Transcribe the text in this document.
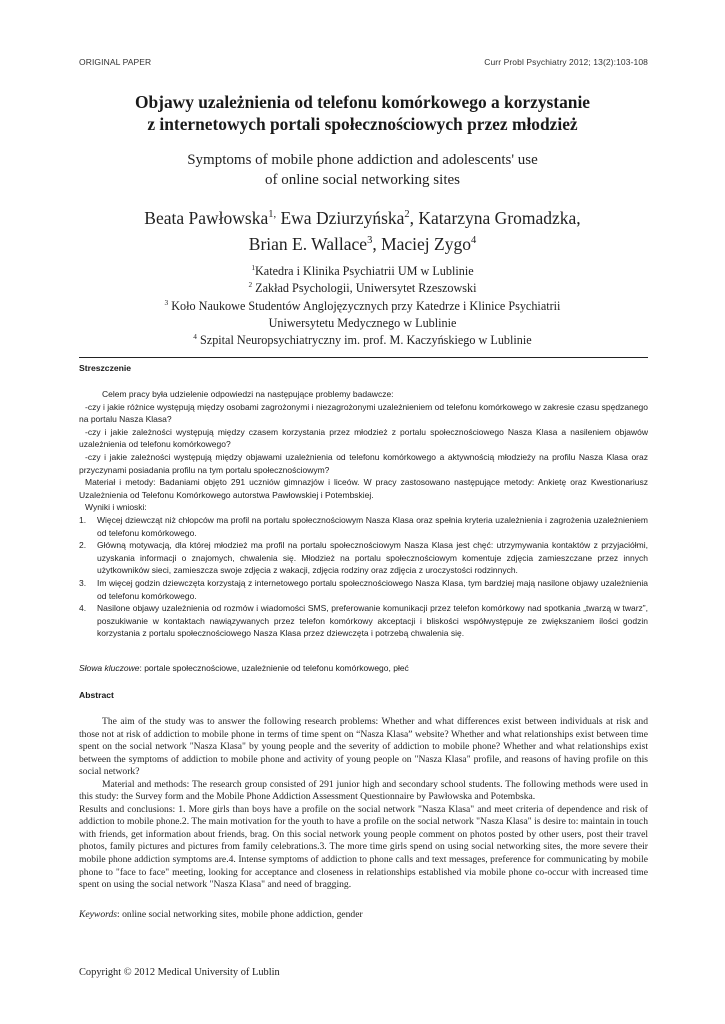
ORIGINAL PAPER	Curr Probl Psychiatry 2012; 13(2):103-108
Objawy uzależnienia od telefonu komórkowego a korzystanie
z internetowych portali społecznościowych przez młodzież
Symptoms of mobile phone addiction and adolescents' use
of online social networking sites
Beata Pawłowska$^{1,}$ Ewa Dziurzyńska$^2$, Katarzyna Gromadzka,
Brian E. Wallace$^3$, Maciej Zygo$^4$
$^1$Katedra i Klinika Psychiatrii UM w Lublinie
$^2$ Zakład Psychologii, Uniwersytet Rzeszowski
$^3$ Koło Naukowe Studentów Anglojęzycznych przy Katedrze i Klinice Psychiatrii
Uniwersytetu Medycznego w Lublinie
$^4$ Szpital Neuropsychiatryczny im. prof. M. Kaczyńskiego w Lublinie
Streszczenie

Celem pracy była udzielenie odpowiedzi na następujące problemy badawcze:

-czy i jakie różnice występują między osobami zagrożonymi i niezagrożonymi uzależnieniem od telefonu komórkowego w zakresie czasu spędzanego na portalu Nasza Klasa?

-czy i jakie zależności występują między czasem korzystania przez młodzież z portalu społecznościowego Nasza Klasa a nasileniem objawów uzależnienia od telefonu komórkowego?

-czy i jakie zależności występują między objawami uzależnienia od telefonu komórkowego a aktywnością młodzieży na profilu Nasza Klasa oraz przyczynami posiadania profilu na tym portalu społecznościowym?

Materiał i metody: Badaniami objęto 291 uczniów gimnazjów i liceów. W pracy zastosowano następujące metody: Ankietę oraz Kwestionariusz Uzależnienia od Telefonu Komórkowego autorstwa Pawłowskiej i Potembskiej.

Wyniki i wnioski:

1. Więcej dziewcząt niż chłopców ma profil na portalu społecznościowym Nasza Klasa oraz spełnia kryteria uzależnienia i zagrożenia uzależnieniem od telefonu komórkowego.
2. Główną motywacją, dla której młodzież ma profil na portalu społecznościowym Nasza Klasa jest chęć: utrzymywania kontaktów z przyjaciółmi, uzyskania informacji o znajomych, chwalenia się. Młodzież na portalu społecznościowym komentuje zdjęcia zamieszczane przez innych użytkowników sieci, zamieszcza swoje zdjęcia z wakacji, zdjęcia rodziny oraz zdjęcia z uroczystości rodzinnych.
3. Im więcej godzin dziewczęta korzystają z internetowego portalu społecznościowego Nasza Klasa, tym bardziej mają nasilone objawy uzależnienia od telefonu komórkowego.
4. Nasilone objawy uzależnienia od rozmów i wiadomości SMS, preferowanie komunikacji przez telefon komórkowy nad spotkania „twarzą w twarz”, poszukiwanie w kontaktach nawiązywanych przez telefon komórkowy akceptacji i bliskości współwystępuje ze zwiększaniem ilości godzin korzystania z portalu społecznościowego Nasza Klasa przez dziewczęta i potrzebą chwalenia się.
Słowa kluczowe: portale społecznościowe, uzależnienie od telefonu komórkowego, płeć
Abstract

The aim of the study was to answer the following research problems: Whether and what differences exist between individuals at risk and those not at risk of addiction to mobile phone in terms of time spent on “Nasza Klasa” website? Whether and what relationships exist between time spent on the social network "Nasza Klasa" by young people and the severity of addiction to mobile phone? Whether and what relationships exist between the symptoms of addiction to mobile phone and activity of young people on "Nasza Klasa" profile, and reasons of having profile on this social network?

Material and methods: The research group consisted of 291 junior high and secondary school students. The following methods were used in this study: the Survey form and the Mobile Phone Addiction Assessment Questionnaire by Pawłowska and Potembska.

Results and conclusions: 1. More girls than boys have a profile on the social network "Nasza Klasa" and meet criteria of dependence and risk of addiction to mobile phone.2. The main motivation for the youth to have a profile on the social network "Nasza Klasa" is desire to: maintain in touch with friends, get information about friends, brag. On this social network young people comment on photos posted by other users, post their travel photos, family pictures and pictures from family celebrations.3. The more time girls spend on using social networking sites, the more severe their mobile phone addiction symptoms are.4. Intense symptoms of addiction to phone calls and text messages, preference for communicating by mobile phone to "face to face" meeting, looking for acceptance and closeness in relationships established via mobile phone co-occur with increased time spent on using the social network "Nasza Klasa" and need of bragging.

Keywords: online social networking sites, mobile phone addiction, gender
Copyright © 2012 Medical University of Lublin
